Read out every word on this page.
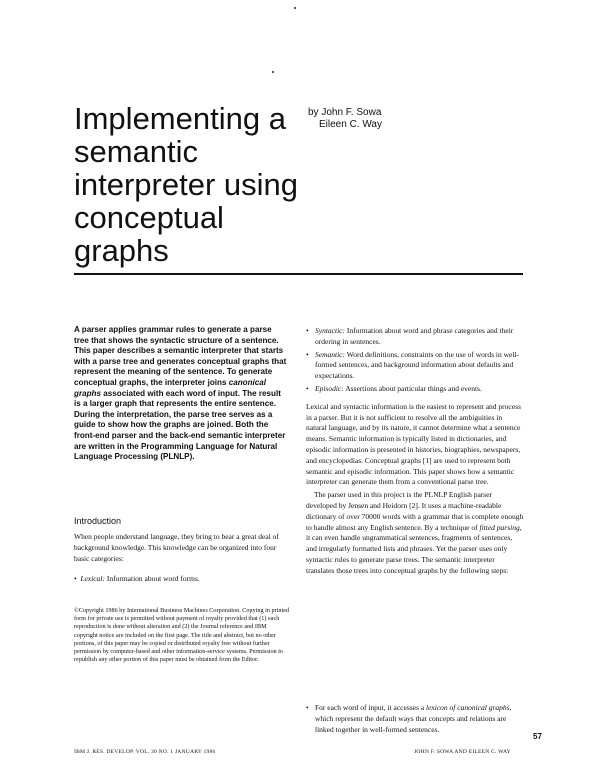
Implementing a
semantic
interpreter using
conceptual
graphs
by John F. Sowa
Eileen C. Way
A parser applies grammar rules to generate a parse tree that shows the syntactic structure of a sentence. This paper describes a semantic interpreter that starts with a parse tree and generates conceptual graphs that represent the meaning of the sentence. To generate conceptual graphs, the interpreter joins canonical graphs associated with each word of input. The result is a larger graph that represents the entire sentence. During the interpretation, the parse tree serves as a guide to show how the graphs are joined. Both the front-end parser and the back-end semantic interpreter are written in the Programming Language for Natural Language Processing (PLNLP).
Introduction
When people understand language, they bring to bear a great deal of background knowledge. This knowledge can be organized into four basic categories:
•  Lexical: Information about word forms.
©Copyright 1986 by International Business Machines Corporation. Copying in printed form for private use is permitted without payment of royalty provided that (1) each reproduction is done without alteration and (2) the Journal reference and IBM copyright notice are included on the first page. The title and abstract, but no other portions, of this paper may be copied or distributed royalty free without further permission by computer-based and other information-service systems. Permission to republish any other portion of this paper must be obtained from the Editor.
• Syntactic: Information about word and phrase categories and their ordering in sentences.
• Semantic: Word definitions, constraints on the use of words in well-formed sentences, and background information about defaults and expectations.
• Episodic: Assertions about particular things and events.

Lexical and syntactic information is the easiest to represent and process in a parser. But it is not sufficient to resolve all the ambiguities in natural language, and by its nature, it cannot determine what a sentence means. Semantic information is typically listed in dictionaries, and episodic information is presented in histories, biographies, newspapers, and encyclopedias. Conceptual graphs [1] are used to represent both semantic and episodic information. This paper shows how a semantic interpreter can generate them from a conventional parse tree.

The parser used in this project is the PLNLP English parser developed by Jensen and Heidorn [2]. It uses a machine-readable dictionary of over 70000 words with a grammar that is complete enough to handle almost any English sentence. By a technique of fitted parsing, it can even handle ungrammatical sentences, fragments of sentences, and irregularly formatted lists and phrases. Yet the parser uses only syntactic rules to generate parse trees. The semantic interpreter translates those trees into conceptual graphs by the following steps:

• For each word of input, it accesses a lexicon of canonical graphs, which represent the default ways that concepts and relations are linked together in well-formed sentences.
57
IBM J. RES. DEVELOP. VOL. 30 NO. 1 JANUARY 1986	JOHN F. SOWA AND EILEEN C. WAY
